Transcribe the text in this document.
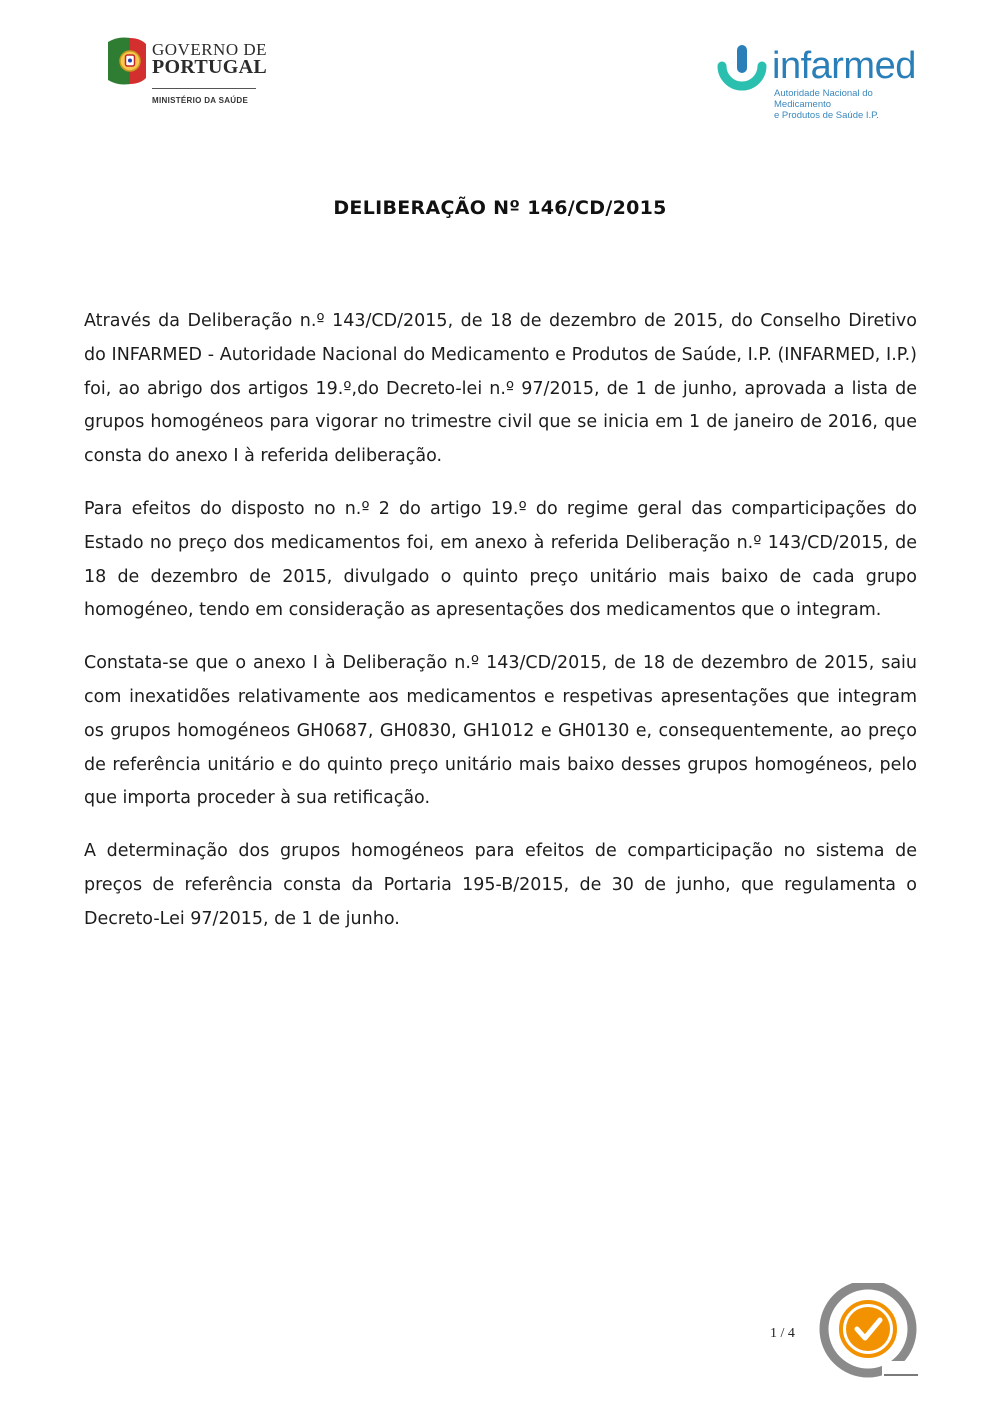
GOVERNO DE
PORTUGAL
MINISTÉRIO DA SAÚDE
infarmed
Autoridade Nacional do Medicamento
e Produtos de Saúde I.P.
DELIBERAÇÃO Nº 146/CD/2015

Através da Deliberação n.º 143/CD/2015, de 18 de dezembro de 2015, do Conselho Diretivo do INFARMED - Autoridade Nacional do Medicamento e Produtos de Saúde, I.P. (INFARMED, I.P.) foi, ao abrigo dos artigos 19.º,do Decreto-lei n.º 97/2015, de 1 de junho, aprovada a lista de grupos homogéneos para vigorar no trimestre civil que se inicia em 1 de janeiro de 2016, que consta do anexo I à referida deliberação.

Para efeitos do disposto no n.º 2 do artigo 19.º do regime geral das comparticipações do Estado no preço dos medicamentos foi, em anexo à referida Deliberação n.º 143/CD/2015, de 18 de dezembro de 2015, divulgado o quinto preço unitário mais baixo de cada grupo homogéneo, tendo em consideração as apresentações dos medicamentos que o integram.

Constata-se que o anexo I à Deliberação n.º 143/CD/2015, de 18 de dezembro de 2015, saiu com inexatidões relativamente aos medicamentos e respetivas apresentações que integram os grupos homogéneos GH0687, GH0830, GH1012 e GH0130 e, consequentemente, ao preço de referência unitário e do quinto preço unitário mais baixo desses grupos homogéneos, pelo que importa proceder à sua retificação.

A determinação dos grupos homogéneos para efeitos de comparticipação no sistema de preços de referência consta da Portaria 195-B/2015, de 30 de junho, que regulamenta o Decreto-Lei 97/2015, de 1 de junho.

1 / 4
